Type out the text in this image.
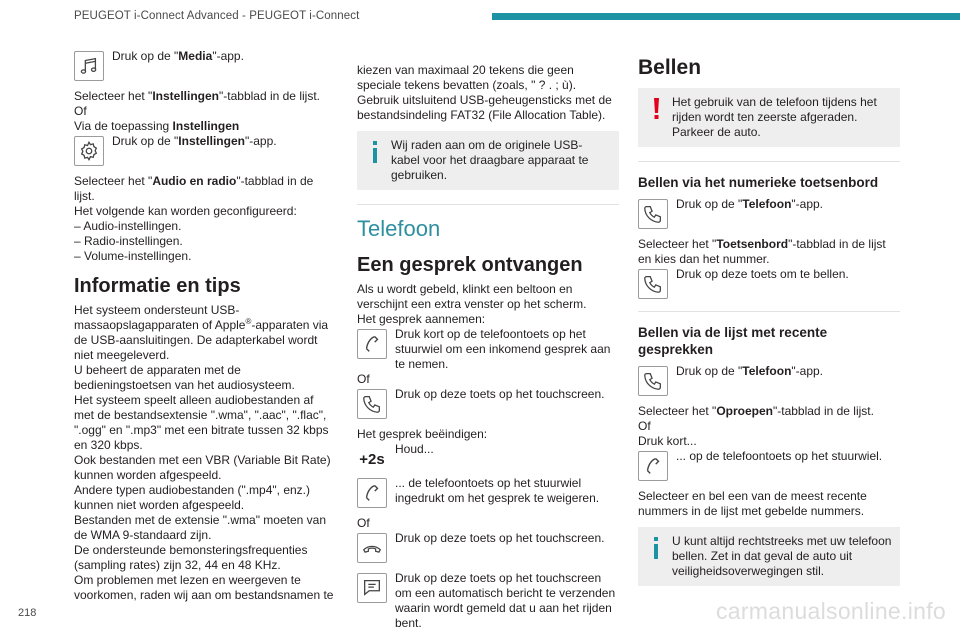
PEUGEOT i-Connect Advanced - PEUGEOT i-Connect
Druk op de "Media"-app.

Selecteer het "Instellingen"-tabblad in de lijst.

Of

Via de toepassing Instellingen

Druk op de "Instellingen"-app.

Selecteer het "Audio en radio"-tabblad in de lijst.

Het volgende kan worden geconfigureerd:

– Audio-instellingen.

– Radio-instellingen.

– Volume-instellingen.

Informatie en tips

Het systeem ondersteunt USB-massaopslagapparaten of Apple®-apparaten via de USB-aansluitingen. De adapterkabel wordt niet meegeleverd.

U beheert de apparaten met de bedieningstoetsen van het audiosysteem.

Het systeem speelt alleen audiobestanden af met de bestandsextensie ".wma", ".aac", ".flac", ".ogg" en ".mp3" met een bitrate tussen 32 kbps en 320 kbps.

Ook bestanden met een VBR (Variable Bit Rate) kunnen worden afgespeeld.

Andere typen audiobestanden (".mp4", enz.) kunnen niet worden afgespeeld.

Bestanden met de extensie ".wma" moeten van de WMA 9-standaard zijn.

De ondersteunde bemonsteringsfrequenties (sampling rates) zijn 32, 44 en 48 KHz.

Om problemen met lezen en weergeven te voorkomen, raden wij aan om bestandsnamen te

kiezen van maximaal 20 tekens die geen speciale tekens bevatten (zoals, " ? . ; ù).

Gebruik uitsluitend USB-geheugensticks met de bestandsindeling FAT32 (File Allocation Table).

Wij raden aan om de originele USB-kabel voor het draagbare apparaat te gebruiken.
Telefoon
Een gesprek ontvangen

Als u wordt gebeld, klinkt een beltoon en verschijnt een extra venster op het scherm.

Het gesprek aannemen:

Druk kort op de telefoontoets op het stuurwiel om een inkomend gesprek aan te nemen.

Of

Druk op deze toets op het touchscreen.

Het gesprek beëindigen:

+2s
Houd...
... de telefoontoets op het stuurwiel ingedrukt om het gesprek te weigeren.

Of

Druk op deze toets op het touchscreen.
Druk op deze toets op het touchscreen om een automatisch bericht te verzenden waarin wordt gemeld dat u aan het rijden bent.
Bellen
Het gebruik van de telefoon tijdens het rijden wordt ten zeerste afgeraden. Parkeer de auto.
Bellen via het numerieke toetsenbord
Druk op de "Telefoon"-app.

Selecteer het "Toetsenbord"-tabblad in de lijst en kies dan het nummer.

Druk op deze toets om te bellen.
Bellen via de lijst met recente gesprekken
Druk op de "Telefoon"-app.

Selecteer het "Oproepen"-tabblad in de lijst.

Of

Druk kort...

... op de telefoontoets op het stuurwiel.

Selecteer en bel een van de meest recente nummers in de lijst met gebelde nummers.

U kunt altijd rechtstreeks met uw telefoon bellen. Zet in dat geval de auto uit veiligheidsoverwegingen stil.
218	carmanualsonline.info
